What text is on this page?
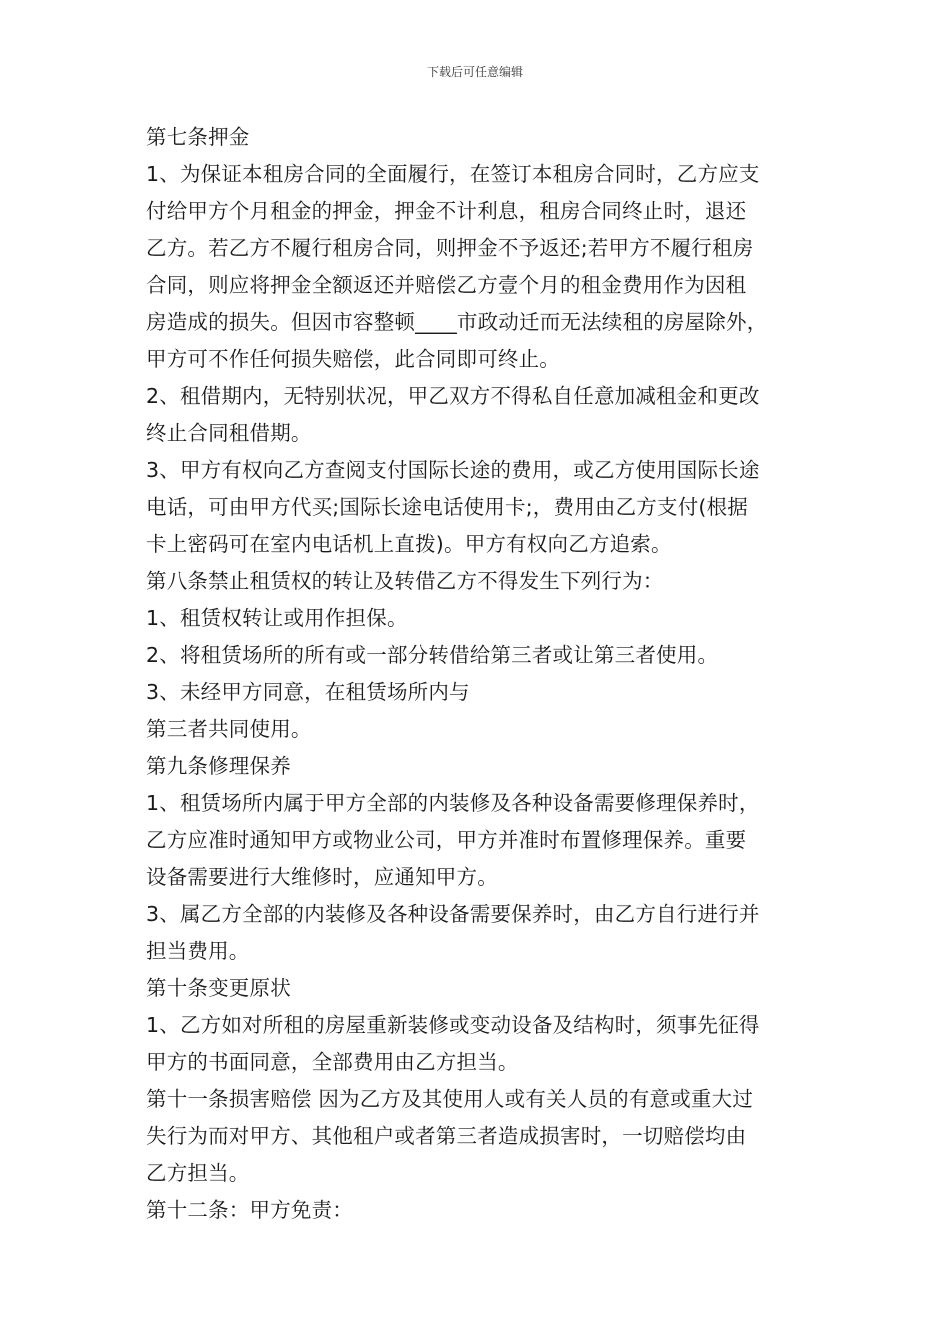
下载后可任意编辑
第七条押金
1、为保证本租房合同的全面履行，在签订本租房合同时，乙方应支
付给甲方个月租金的押金，押金不计利息，租房合同终止时，退还
乙方。若乙方不履行租房合同，则押金不予返还;若甲方不履行租房
合同，则应将押金全额返还并赔偿乙方壹个月的租金费用作为因租
房造成的损失。但因市容整顿____市政动迁而无法续租的房屋除外，
甲方可不作任何损失赔偿，此合同即可终止。
2、租借期内，无特别状况，甲乙双方不得私自任意加减租金和更改
终止合同租借期。
3、甲方有权向乙方查阅支付国际长途的费用，或乙方使用国际长途
电话，可由甲方代买;国际长途电话使用卡;，费用由乙方支付(根据
卡上密码可在室内电话机上直拨)。甲方有权向乙方追索。
第八条禁止租赁权的转让及转借乙方不得发生下列行为：
1、租赁权转让或用作担保。
2、将租赁场所的所有或一部分转借给第三者或让第三者使用。
3、未经甲方同意，在租赁场所内与
第三者共同使用。
第九条修理保养
1、租赁场所内属于甲方全部的内装修及各种设备需要修理保养时，
乙方应准时通知甲方或物业公司，甲方并准时布置修理保养。重要
设备需要进行大维修时，应通知甲方。
3、属乙方全部的内装修及各种设备需要保养时，由乙方自行进行并
担当费用。
第十条变更原状
1、乙方如对所租的房屋重新装修或变动设备及结构时，须事先征得
甲方的书面同意，全部费用由乙方担当。
第十一条损害赔偿 因为乙方及其使用人或有关人员的有意或重大过
失行为而对甲方、其他租户或者第三者造成损害时，一切赔偿均由
乙方担当。
第十二条：甲方免责：
